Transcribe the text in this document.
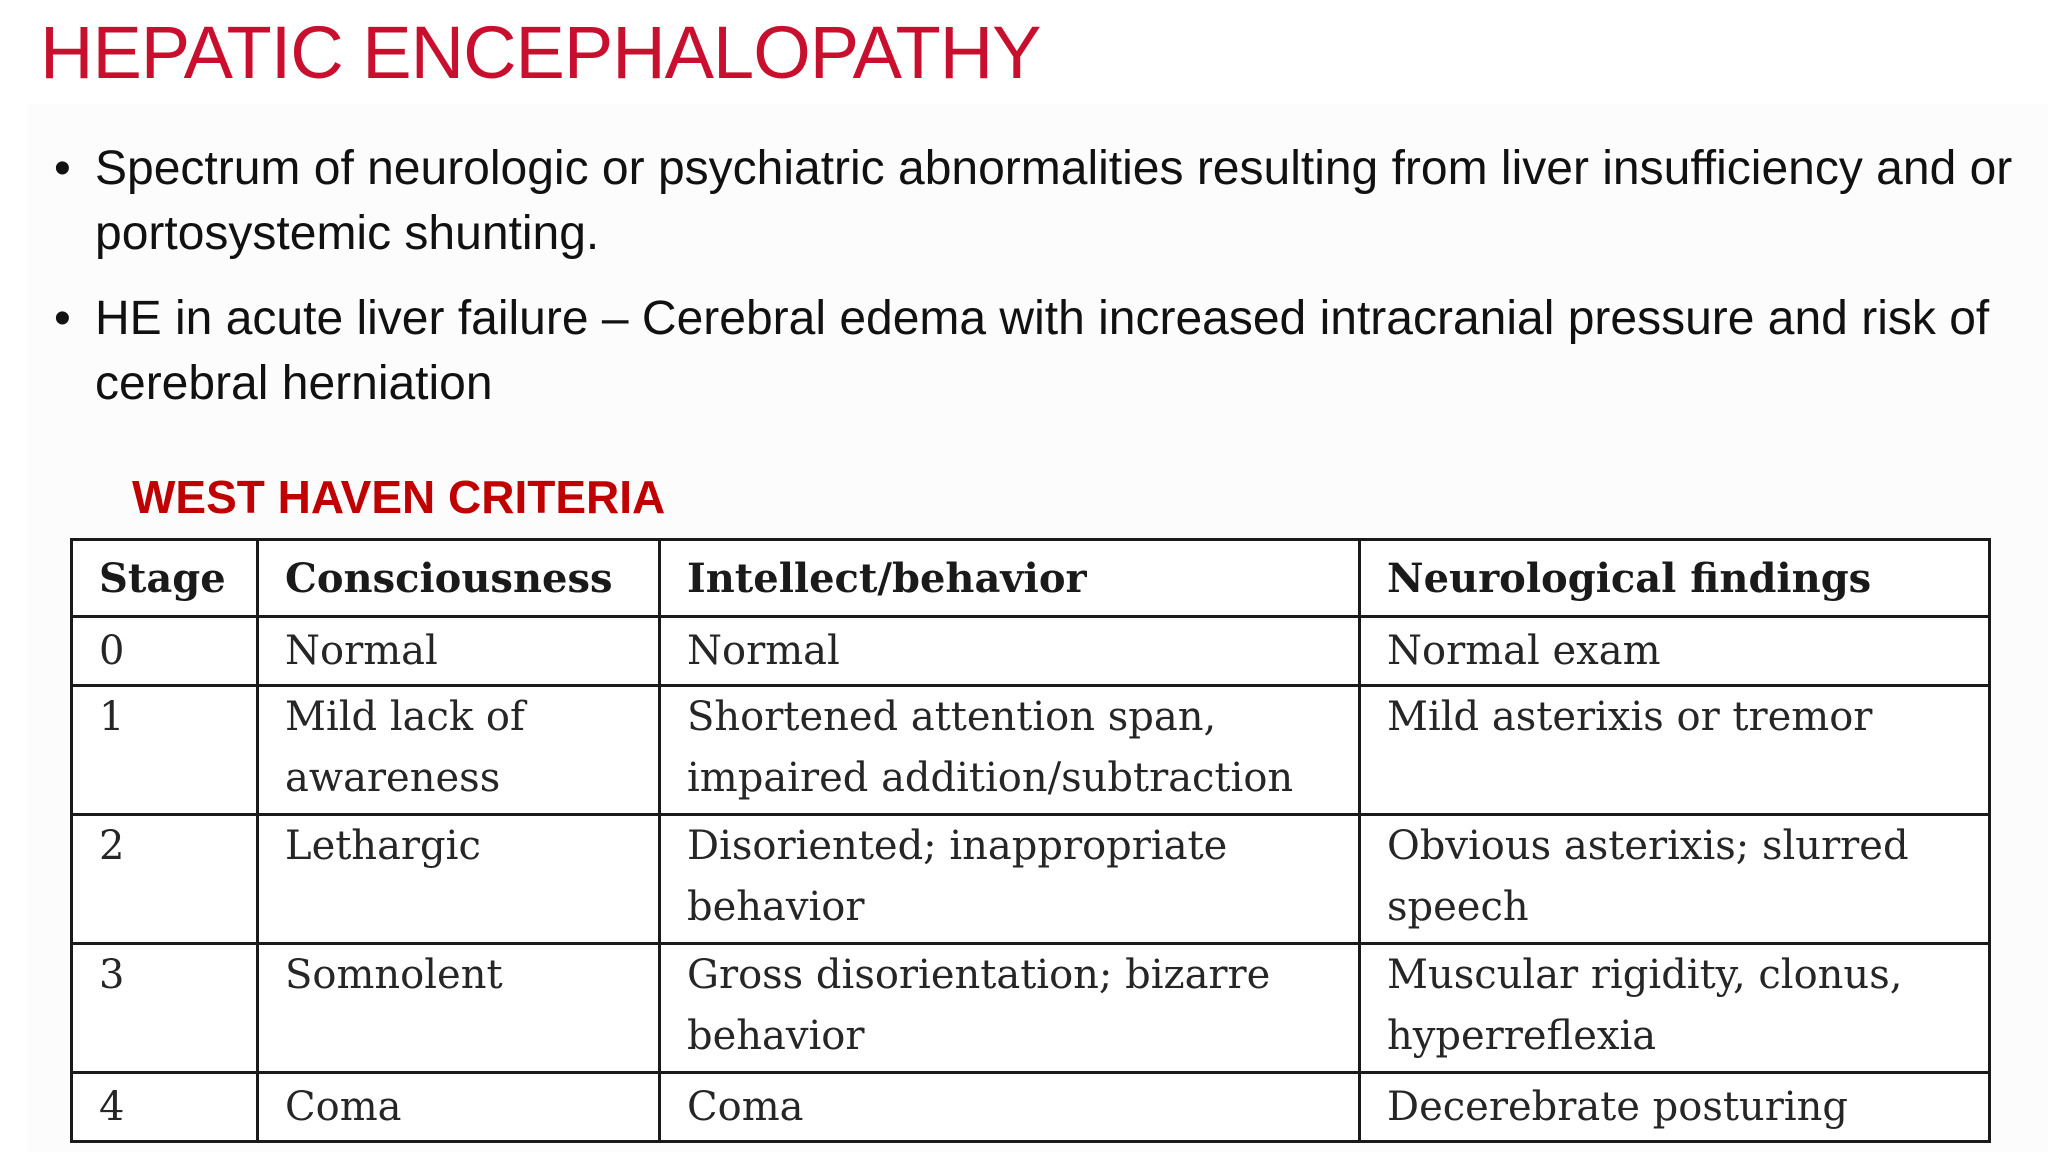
HEPATIC ENCEPHALOPATHY
• Spectrum of neurologic or psychiatric abnormalities resulting from liver insufficiency and or portosystemic shunting.
• HE in acute liver failure – Cerebral edema with increased intracranial pressure and risk of cerebral herniation
WEST HAVEN CRITERIA
Stage	Consciousness	Intellect/behavior	Neurological findings
0	Normal	Normal	Normal exam
1	Mild lack of awareness	Shortened attention span, impaired addition/subtraction	Mild asterixis or tremor
2	Lethargic	Disoriented; inappropriate behavior	Obvious asterixis; slurred speech
3	Somnolent	Gross disorientation; bizarre behavior	Muscular rigidity, clonus, hyperreflexia
4	Coma	Coma	Decerebrate posturing
